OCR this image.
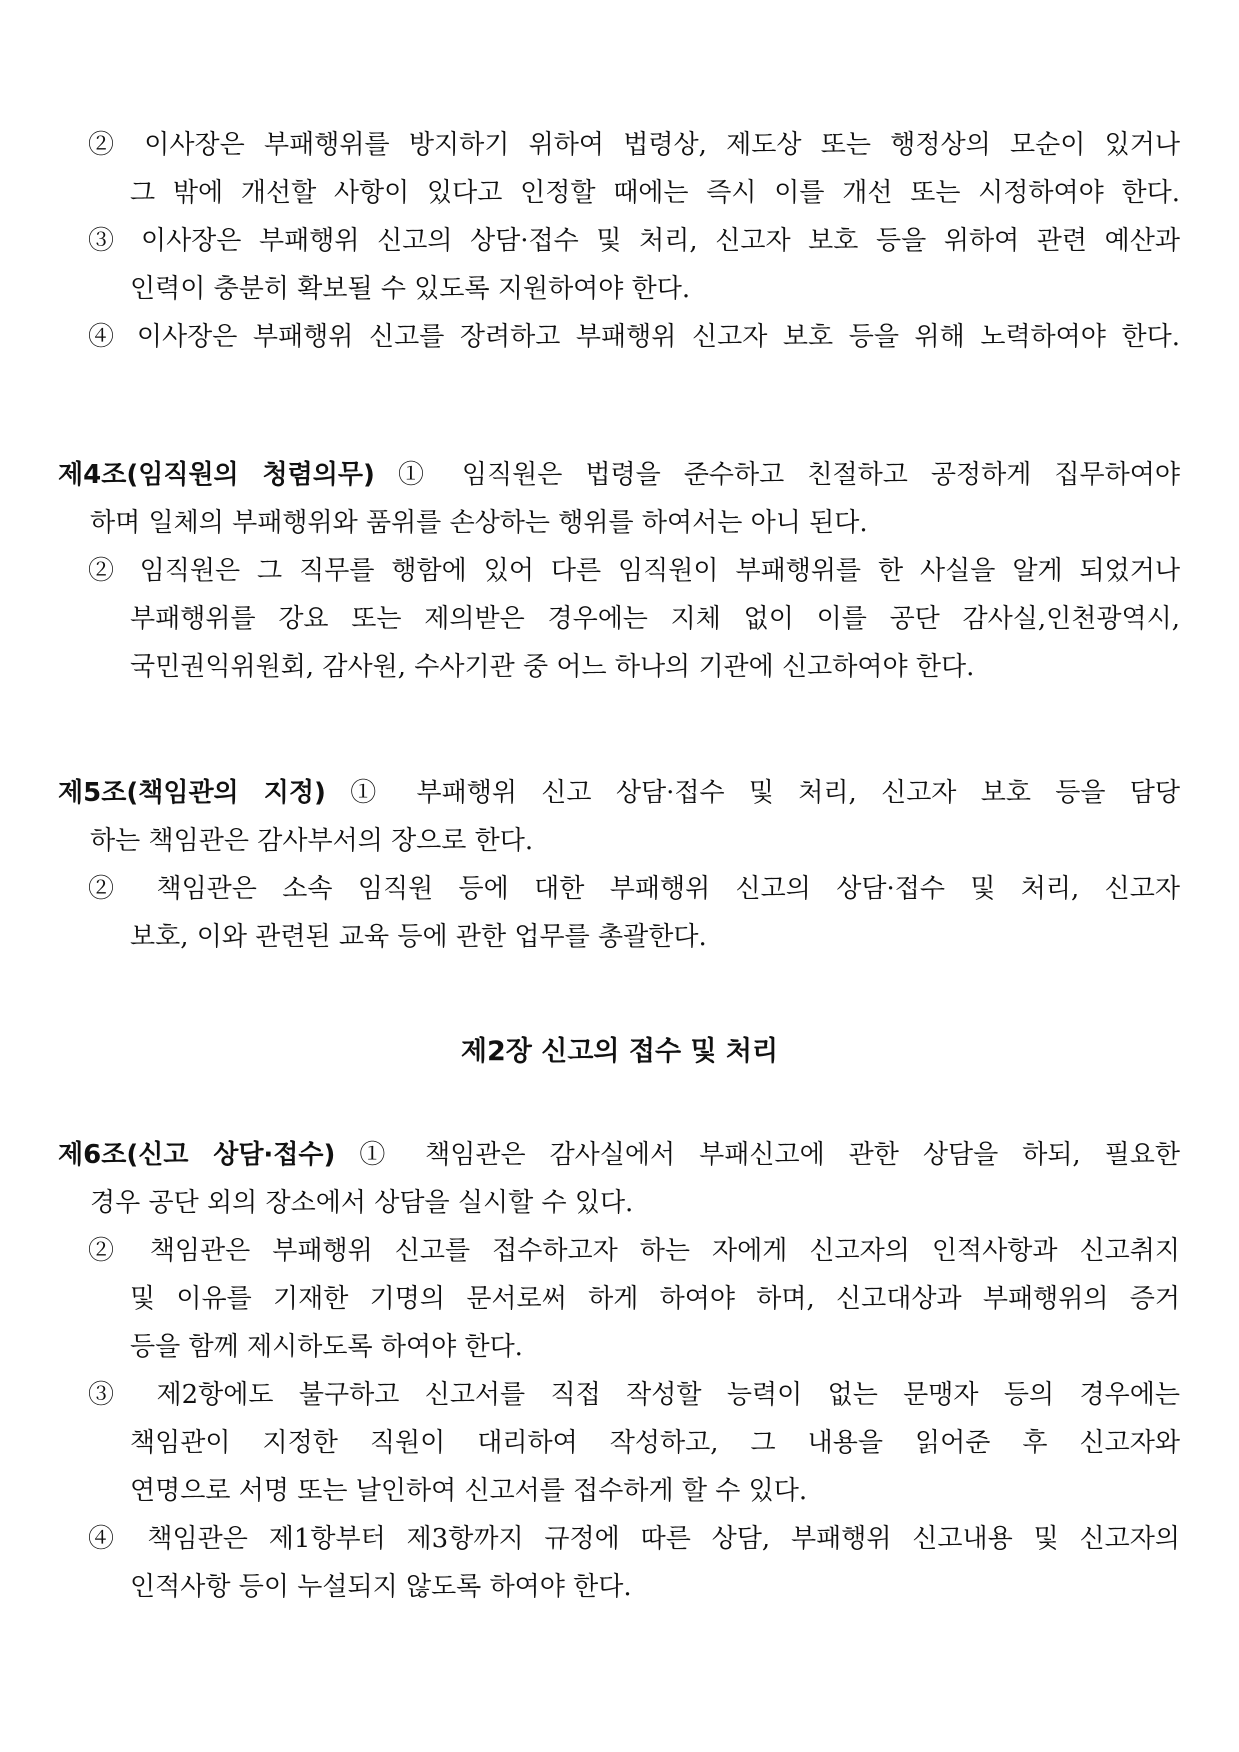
② 이사장은 부패행위를 방지하기 위하여 법령상, 제도상 또는 행정상의 모순이 있거나
그 밖에 개선할 사항이 있다고 인정할 때에는 즉시 이를 개선 또는 시정하여야 한다.
③ 이사장은 부패행위 신고의 상담·접수 및 처리, 신고자 보호 등을 위하여 관련 예산과
인력이 충분히 확보될 수 있도록 지원하여야 한다.
④ 이사장은 부패행위 신고를 장려하고 부패행위 신고자 보호 등을 위해 노력하여야 한다.
제4조(임직원의 청렴의무) ① 임직원은 법령을 준수하고 친절하고 공정하게 집무하여야
하며 일체의 부패행위와 품위를 손상하는 행위를 하여서는 아니 된다.
② 임직원은 그 직무를 행함에 있어 다른 임직원이 부패행위를 한 사실을 알게 되었거나
부패행위를 강요 또는 제의받은 경우에는 지체 없이 이를 공단 감사실,인천광역시,
국민권익위원회, 감사원, 수사기관 중 어느 하나의 기관에 신고하여야 한다.
제5조(책임관의 지정) ① 부패행위 신고 상담·접수 및 처리, 신고자 보호 등을 담당
하는 책임관은 감사부서의 장으로 한다.
② 책임관은 소속 임직원 등에 대한 부패행위 신고의 상담·접수 및 처리, 신고자
보호, 이와 관련된 교육 등에 관한 업무를 총괄한다.
제2장 신고의 접수 및 처리
제6조(신고 상담·접수) ① 책임관은 감사실에서 부패신고에 관한 상담을 하되, 필요한
경우 공단 외의 장소에서 상담을 실시할 수 있다.
② 책임관은 부패행위 신고를 접수하고자 하는 자에게 신고자의 인적사항과 신고취지
및 이유를 기재한 기명의 문서로써 하게 하여야 하며, 신고대상과 부패행위의 증거
등을 함께 제시하도록 하여야 한다.
③ 제2항에도 불구하고 신고서를 직접 작성할 능력이 없는 문맹자 등의 경우에는
책임관이 지정한 직원이 대리하여 작성하고, 그 내용을 읽어준 후 신고자와
연명으로 서명 또는 날인하여 신고서를 접수하게 할 수 있다.
④ 책임관은 제1항부터 제3항까지 규정에 따른 상담, 부패행위 신고내용 및 신고자의
인적사항 등이 누설되지 않도록 하여야 한다.
